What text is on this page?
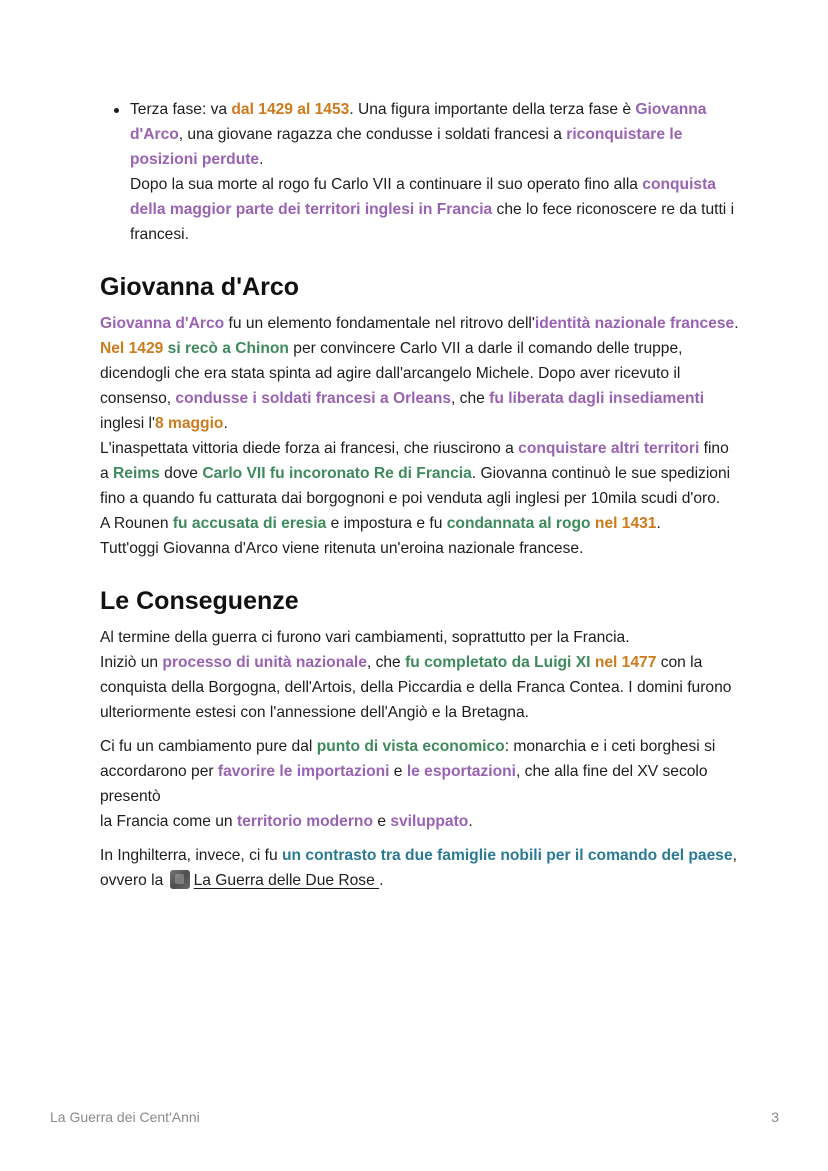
Terza fase: va dal 1429 al 1453. Una figura importante della terza fase è Giovanna d'Arco, una giovane ragazza che condusse i soldati francesi a riconquistare le posizioni perdute.
Dopo la sua morte al rogo fu Carlo VII a continuare il suo operato fino alla conquista della maggior parte dei territori inglesi in Francia che lo fece riconoscere re da tutti i francesi.
Giovanna d'Arco

Giovanna d'Arco fu un elemento fondamentale nel ritrovo dell'identità nazionale francese.
Nel 1429 si recò a Chinon per convincere Carlo VII a darle il comando delle truppe, dicendogli che era stata spinta ad agire dall'arcangelo Michele. Dopo aver ricevuto il consenso, condusse i soldati francesi a Orleans, che fu liberata dagli insediamenti inglesi l'8 maggio.
L'inaspettata vittoria diede forza ai francesi, che riuscirono a conquistare altri territori fino
a Reims dove Carlo VII fu incoronato Re di Francia. Giovanna continuò le sue spedizioni fino a quando fu catturata dai borgognoni e poi venduta agli inglesi per 10mila scudi d'oro.
A Rounen fu accusata di eresia e impostura e fu condannata al rogo nel 1431.
Tutt'oggi Giovanna d'Arco viene ritenuta un'eroina nazionale francese.

Le Conseguenze

Al termine della guerra ci furono vari cambiamenti, soprattutto per la Francia.
Iniziò un processo di unità nazionale, che fu completato da Luigi XI nel 1477 con la conquista della Borgogna, dell'Artois, della Piccardia e della Franca Contea. I domini furono ulteriormente estesi con l'annessione dell'Angiò e la Bretagna.

Ci fu un cambiamento pure dal punto di vista economico: monarchia e i ceti borghesi si accordarono per favorire le importazioni e le esportazioni, che alla fine del XV secolo presentò
la Francia come un territorio moderno e sviluppato.

In Inghilterra, invece, ci fu un contrasto tra due famiglie nobili per il comando del paese,
ovvero la La Guerra delle Due Rose .

La Guerra dei Cent'Anni	3
